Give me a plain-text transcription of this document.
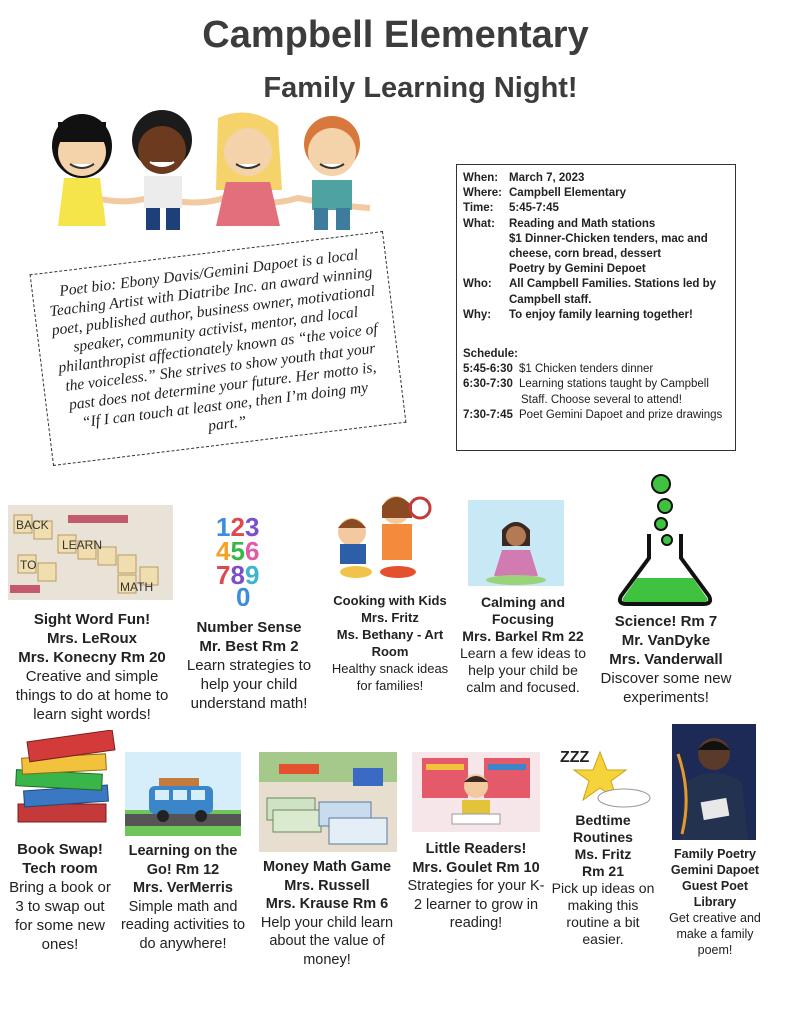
Campbell Elementary
Family Learning Night!
Poet bio: Ebony Davis/Gemini Dapoet is a local Teaching Artist with Diatribe Inc. an award winning poet, published author, business owner, motivational speaker, community activist, mentor, and local philanthropist affectionately known as “the voice of the voiceless.” She strives to show youth that your past does not determine your future. Her motto is, “If I can touch at least one, then I’m doing my part.”
When: March 7, 2023
Where: Campbell Elementary
Time:	5:45-7:45
What:	Reading and Math stations
$1 Dinner-Chicken tenders, mac and cheese, corn bread, dessert
Poetry by Gemini Depoet
Who:	All Campbell Families. Stations led by Campbell staff.
Why:	To enjoy family learning together!
Schedule:
5:45-6:30 $1 Chicken tenders dinner
6:30-7:30 Learning stations taught by Campbell
Staff. Choose several to attend!
7:30-7:45 Poet Gemini Dapoet and prize drawings
LEARN
MATH
BACK
TO
123
456
789
0
Sight Word Fun!
Mrs. LeRoux
Mrs. Konecny Rm 20
Creative and simple things to do at home to learn sight words!
Number Sense
Mr. Best Rm 2
Learn strategies to help your child understand math!
Cooking with Kids
Mrs. Fritz
Ms. Bethany - Art Room
Healthy snack ideas for families!
Calming and Focusing
Mrs. Barkel Rm 22
Learn a few ideas to help your child be calm and focused.
Science! Rm 7
Mr. VanDyke
Mrs. Vanderwall
Discover some new experiments!
ZZZ
Book Swap!
Tech room
Bring a book or 3 to swap out for some new ones!
Learning on the Go! Rm 12
Mrs. VerMerris
Simple math and reading activities to do anywhere!
Money Math Game
Mrs. Russell
Mrs. Krause Rm 6
Help your child learn about the value of money!
Little Readers!
Mrs. Goulet Rm 10
Strategies for your K-2 learner to grow in reading!
Bedtime Routines
Ms. Fritz
Rm 21
Pick up ideas on making this routine a bit easier.
Family Poetry
Gemini Dapoet
Guest Poet
Library
Get creative and make a family poem!
